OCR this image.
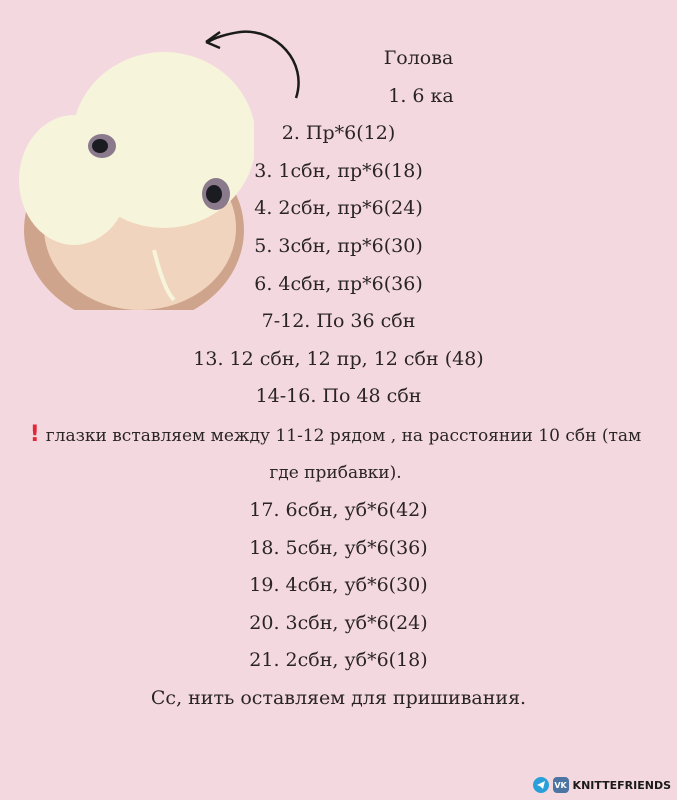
Голова
1. 6 ка
2. Пр*6(12)
3. 1сбн, пр*6(18)
4. 2сбн, пр*6(24)
5. 3сбн, пр*6(30)
6. 4сбн, пр*6(36)
7-12. По 36 сбн
13. 12 сбн, 12 пр, 12 сбн (48)
14-16. По 48 сбн
! глазки вставляем между 11-12 рядом , на расстоянии 10 сбн (там где прибавки).
17. 6сбн, уб*6(42)
18. 5сбн, уб*6(36)
19. 4сбн, уб*6(30)
20. 3сбн, уб*6(24)
21. 2сбн, уб*6(18)
Сс, нить оставляем для пришивания.
VK KNITTEFRIENDS
